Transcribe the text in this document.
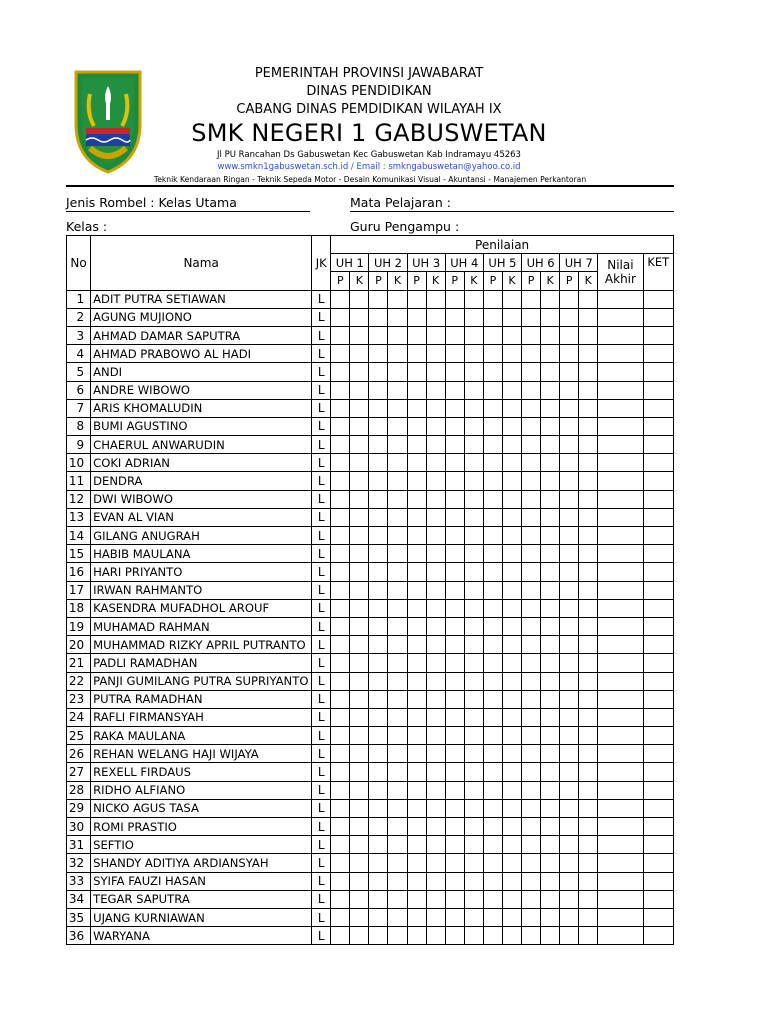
PEMERINTAH PROVINSI JAWABARAT
DINAS PENDIDIKAN
CABANG DINAS PEMDIDIKAN WILAYAH IX
SMK NEGERI 1 GABUSWETAN
Jl PU Rancahan Ds Gabuswetan Kec Gabuswetan Kab Indramayu 45263
www.smkn1gabuswetan.sch.id / Email : smkngabuswetan@yahoo.co.id
Teknik Kendaraan Ringan - Teknik Sepeda Motor - Desain Komunikasi Visual - Akuntansi - Manajemen Perkantoran
Jenis Rombel : Kelas Utama	Mata Pelajaran :
Kelas :	Guru Pengampu :
No	Nama	JK	Penilaian															
			UH 1		UH 2		UH 3		UH 4		UH 5		UH 6		UH 7		Nilai
Akhir	KET
			P	K	P	K	P	K	P	K	P	K	P	K	P	K		
1	ADIT PUTRA SETIAWAN	L																
2	AGUNG MUJIONO	L																
3	AHMAD DAMAR SAPUTRA	L																
4	AHMAD PRABOWO AL HADI	L																
5	ANDI	L																
6	ANDRE WIBOWO	L																
7	ARIS KHOMALUDIN	L																
8	BUMI AGUSTINO	L																
9	CHAERUL ANWARUDIN	L																
10	COKI ADRIAN	L																
11	DENDRA	L																
12	DWI WIBOWO	L																
13	EVAN AL VIAN	L																
14	GILANG ANUGRAH	L																
15	HABIB MAULANA	L																
16	HARI PRIYANTO	L																
17	IRWAN RAHMANTO	L																
18	KASENDRA MUFADHOL AROUF	L																
19	MUHAMAD RAHMAN	L																
20	MUHAMMAD RIZKY APRIL PUTRANTO	L																
21	PADLI RAMADHAN	L																
22	PANJI GUMILANG PUTRA SUPRIYANTO	L																
23	PUTRA RAMADHAN	L																
24	RAFLI FIRMANSYAH	L																
25	RAKA MAULANA	L																
26	REHAN WELANG HAJI WIJAYA	L																
27	REXELL FIRDAUS	L																
28	RIDHO ALFIANO	L																
29	NICKO AGUS TASA	L																
30	ROMI PRASTIO	L																
31	SEFTIO	L																
32	SHANDY ADITIYA ARDIANSYAH	L																
33	SYIFA FAUZI HASAN	L																
34	TEGAR SAPUTRA	L																
35	UJANG KURNIAWAN	L																
36	WARYANA	L																
